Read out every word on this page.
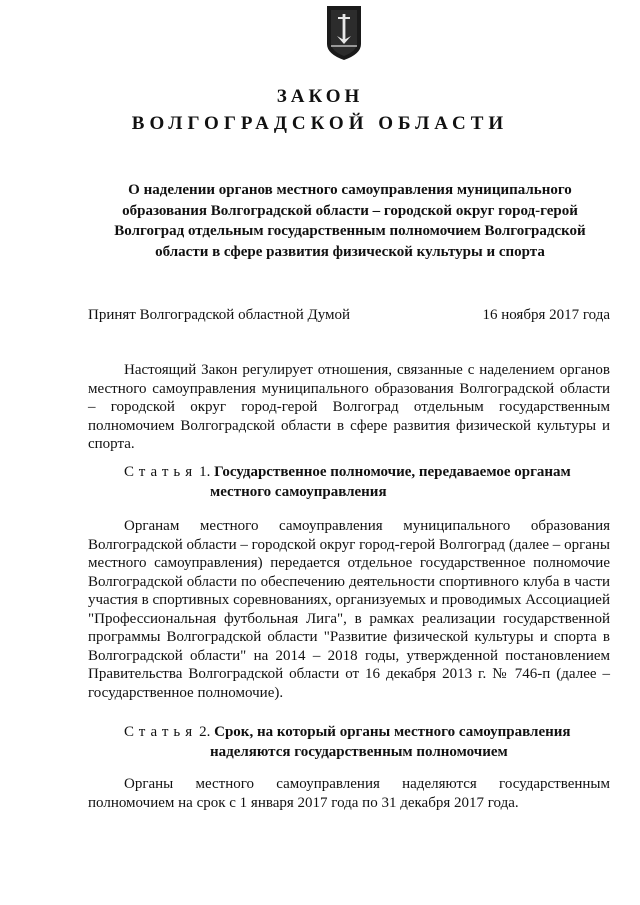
ЗАКОН
ВОЛГОГРАДСКОЙ ОБЛАСТИ
О наделении органов местного самоуправления муниципального образования Волгоградской области – городской округ город-герой Волгоград отдельным государственным полномочием Волгоградской области в сфере развития физической культуры и спорта
Принят Волгоградской областной Думой	16 ноября 2017 года

Настоящий Закон регулирует отношения, связанные с наделением органов местного самоуправления муниципального образования Волгоградской области – городской округ город-герой Волгоград отдельным государственным полномочием Волгоградской области в сфере развития физической культуры и спорта.

Статья 1. Государственное полномочие, передаваемое органам
местного самоуправления

Органам местного самоуправления муниципального образования Волгоградской области – городской округ город-герой Волгоград (далее – органы местного самоуправления) передается отдельное государственное полномочие Волгоградской области по обеспечению деятельности спортивного клуба в части участия в спортивных соревнованиях, организуемых и проводимых Ассоциацией "Профессиональная футбольная Лига", в рамках реализации государственной программы Волгоградской области "Развитие физической культуры и спорта в Волгоградской области" на 2014 – 2018 годы, утвержденной постановлением Правительства Волгоградской области от 16 декабря 2013 г. № 746-п (далее – государственное полномочие).

Статья 2. Срок, на который органы местного самоуправления
наделяются государственным полномочием

Органы местного самоуправления наделяются государственным полномочием на срок с 1 января 2017 года по 31 декабря 2017 года.
